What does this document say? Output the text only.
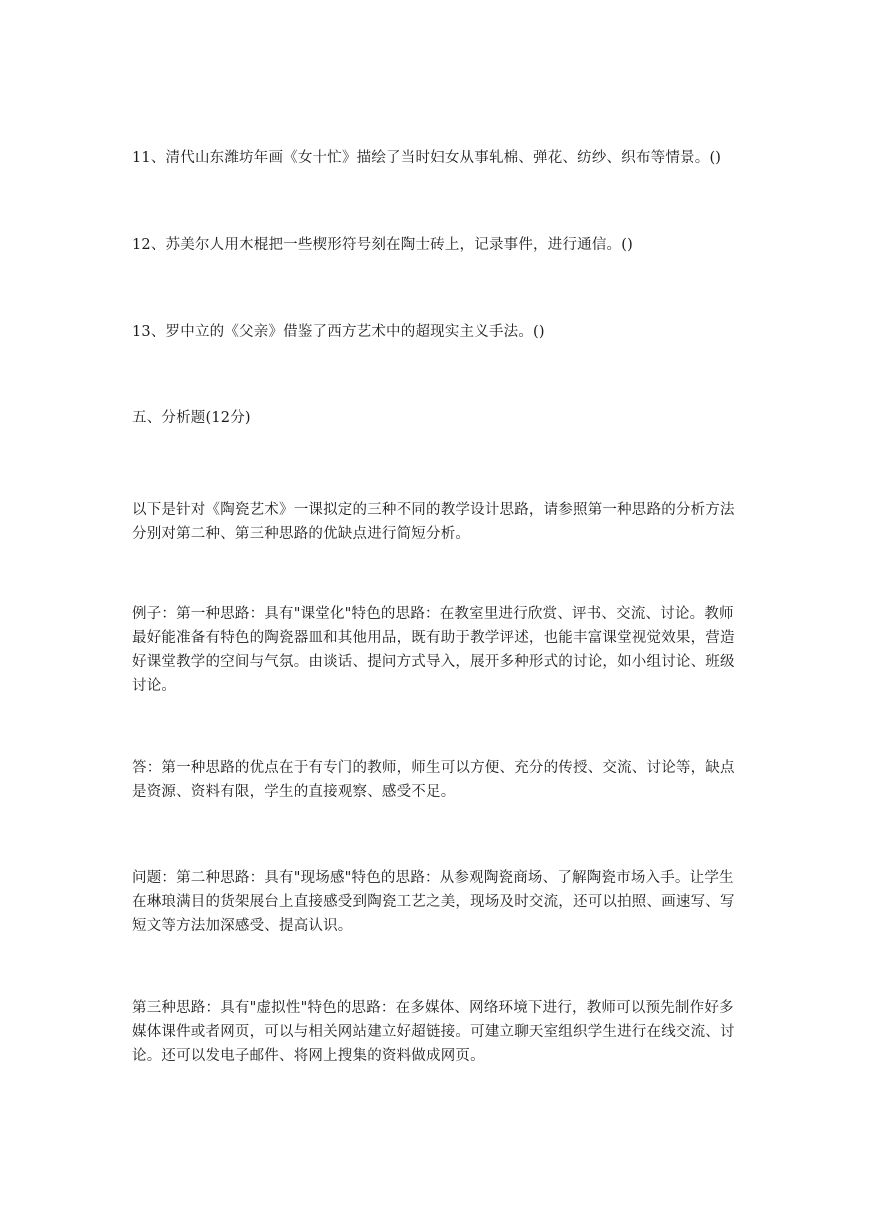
11、清代山东潍坊年画《女十忙》描绘了当时妇女从事轧棉、弹花、纺纱、织布等情景。()

12、苏美尔人用木棍把一些楔形符号刻在陶士砖上，记录事件，进行通信。()

13、罗中立的《父亲》借鉴了西方艺术中的超现实主义手法。()

五、分析题(12分)

以下是针对《陶瓷艺术》一课拟定的三种不同的教学设计思路，请参照第一种思路的分析方法分别对第二种、第三种思路的优缺点进行简短分析。

例子：第一种思路：具有"课堂化"特色的思路：在教室里进行欣赏、评书、交流、讨论。教师最好能准备有特色的陶瓷器皿和其他用品，既有助于教学评述，也能丰富课堂视觉效果，营造好课堂教学的空间与气氛。由谈话、提问方式导入，展开多种形式的讨论，如小组讨论、班级讨论。

答：第一种思路的优点在于有专门的教师，师生可以方便、充分的传授、交流、讨论等，缺点是资源、资料有限，学生的直接观察、感受不足。

问题：第二种思路：具有"现场感"特色的思路：从参观陶瓷商场、了解陶瓷市场入手。让学生在琳琅满目的货架展台上直接感受到陶瓷工艺之美，现场及时交流，还可以拍照、画速写、写短文等方法加深感受、提高认识。

第三种思路：具有"虚拟性"特色的思路：在多媒体、网络环境下进行，教师可以预先制作好多媒体课件或者网页，可以与相关网站建立好超链接。可建立聊天室组织学生进行在线交流、讨论。还可以发电子邮件、将网上搜集的资料做成网页。
